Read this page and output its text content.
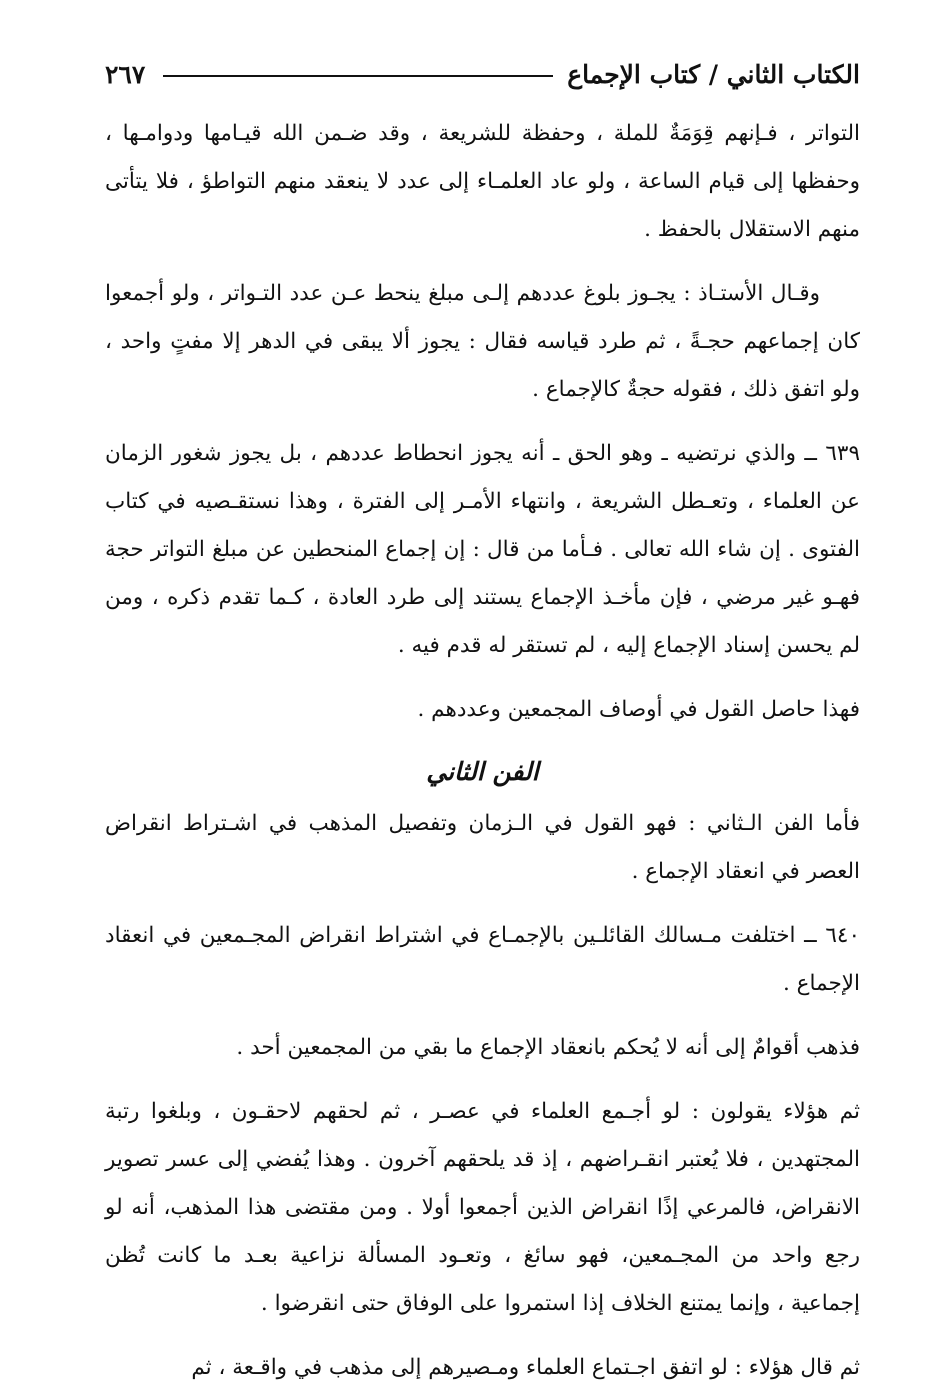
الكتاب الثاني / كتاب الإجماع
٢٦٧

التواتر ، فـإنهم قِوَمَةٌ للملة ، وحفظة للشريعة ، وقد ضـمن الله قيـامها ودوامـها ، وحفظها إلى قيام الساعة ، ولو عاد العلمـاء إلى عدد لا ينعقد منهم التواطؤ ، فلا يتأتى منهم الاستقلال بالحفظ .

وقـال الأستـاذ : يجـوز بلوغ عددهم إلـى مبلغ ينحط عـن عدد التـواتر ، ولو أجمعوا كان إجماعهم حجـةً ، ثم طرد قياسه فقال : يجوز ألا يبقى في الدهر إلا مفتٍ واحد ، ولو اتفق ذلك ، فقوله حجةٌ كالإجماع .

٦٣٩ ــ والذي نرتضيه ـ وهو الحق ـ أنه يجوز انحطاط عددهم ، بل يجوز شغور الزمان عن العلماء ، وتعـطل الشريعة ، وانتهاء الأمـر إلى الفترة ، وهذا نستقـصيه في كتاب الفتوى . إن شاء الله تعالى . فـأما من قال : إن إجماع المنحطين عن مبلغ التواتر حجة فهـو غير مرضي ، فإن مأخـذ الإجماع يستند إلى طرد العادة ، كـما تقدم ذكره ، ومن لم يحسن إسناد الإجماع إليه ، لم تستقر له قدم فيه .

فهذا حاصل القول في أوصاف المجمعين وعددهم .

الفن الثاني

فأما الفن الـثاني : فهو القول في الـزمان وتفصيل المذهب في اشـتراط انقراض العصر في انعقاد الإجماع .

٦٤٠ ــ اختلفت مـسالك القائلـين بالإجمـاع في اشتراط انقراض المجـمعين في انعقاد الإجماع .

فذهب أقوامٌ إلى أنه لا يُحكم بانعقاد الإجماع ما بقي من المجمعين أحد .

ثم هؤلاء يقولون : لو أجـمع العلماء في عصـر ، ثم لحقهم لاحقـون ، وبلغوا رتبة المجتهدين ، فلا يُعتبر انقـراضهم ، إذ قد يلحقهم آخرون . وهذا يُفضي إلى عسر تصوير الانقراض، فالمرعي إذًا انقراض الذين أجمعوا أولا . ومن مقتضى هذا المذهب، أنه لو رجع واحد من المجـمعين، فهو سائغ ، وتعـود المسألة نزاعية بعـد ما كانت تُظن إجماعية ، وإنما يمتنع الخلاف إذا استمروا على الوفاق حتى انقرضوا .

ثم قال هؤلاء : لو اتفق اجـتماع العلماء ومـصيرهم إلى مذهب في واقـعة ، ثم
